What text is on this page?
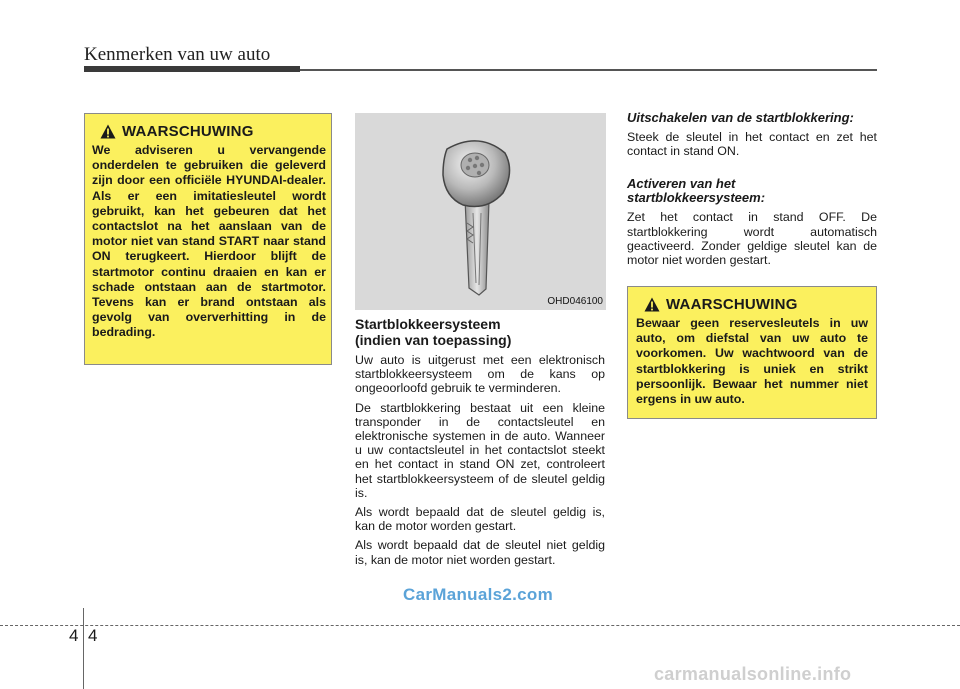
Kenmerken van uw auto
WAARSCHUWING
We adviseren u vervangende onderdelen te gebruiken die geleverd zijn door een officiële HYUNDAI-dealer. Als er een imitatiesleutel wordt gebruikt, kan het gebeuren dat het contactslot na het aanslaan van de motor niet van stand START naar stand ON terugkeert. Hierdoor blijft de startmotor continu draaien en kan er schade ontstaan aan de startmotor. Tevens kan er brand ontstaan als gevolg van oververhitting in de bedrading.
OHD046100
Startblokkeersysteem
(indien van toepassing)

Uw auto is uitgerust met een elektronisch startblokkeersysteem om de kans op ongeoorloofd gebruik te verminderen.

De startblokkering bestaat uit een kleine transponder in de contactsleutel en elektronische systemen in de auto. Wanneer u uw contactsleutel in het contactslot steekt en het contact in stand ON zet, controleert het startblokkeersysteem of de sleutel geldig is.

Als wordt bepaald dat de sleutel geldig is, kan de motor worden gestart.

Als wordt bepaald dat de sleutel niet geldig is, kan de motor niet worden gestart.

Uitschakelen van de startblokkering:

Steek de sleutel in het contact en zet het contact in stand ON.

Activeren van het
startblokkeersysteem:

Zet het contact in stand OFF. De startblokkering wordt automatisch geactiveerd. Zonder geldige sleutel kan de motor niet worden gestart.

WAARSCHUWING
Bewaar geen reservesleutels in uw auto, om diefstal van uw auto te voorkomen. Uw wachtwoord van de startblokkering is uniek en strikt persoonlijk. Bewaar het nummer niet ergens in uw auto.
CarManuals2.com
4 4
carmanualsonline.info
